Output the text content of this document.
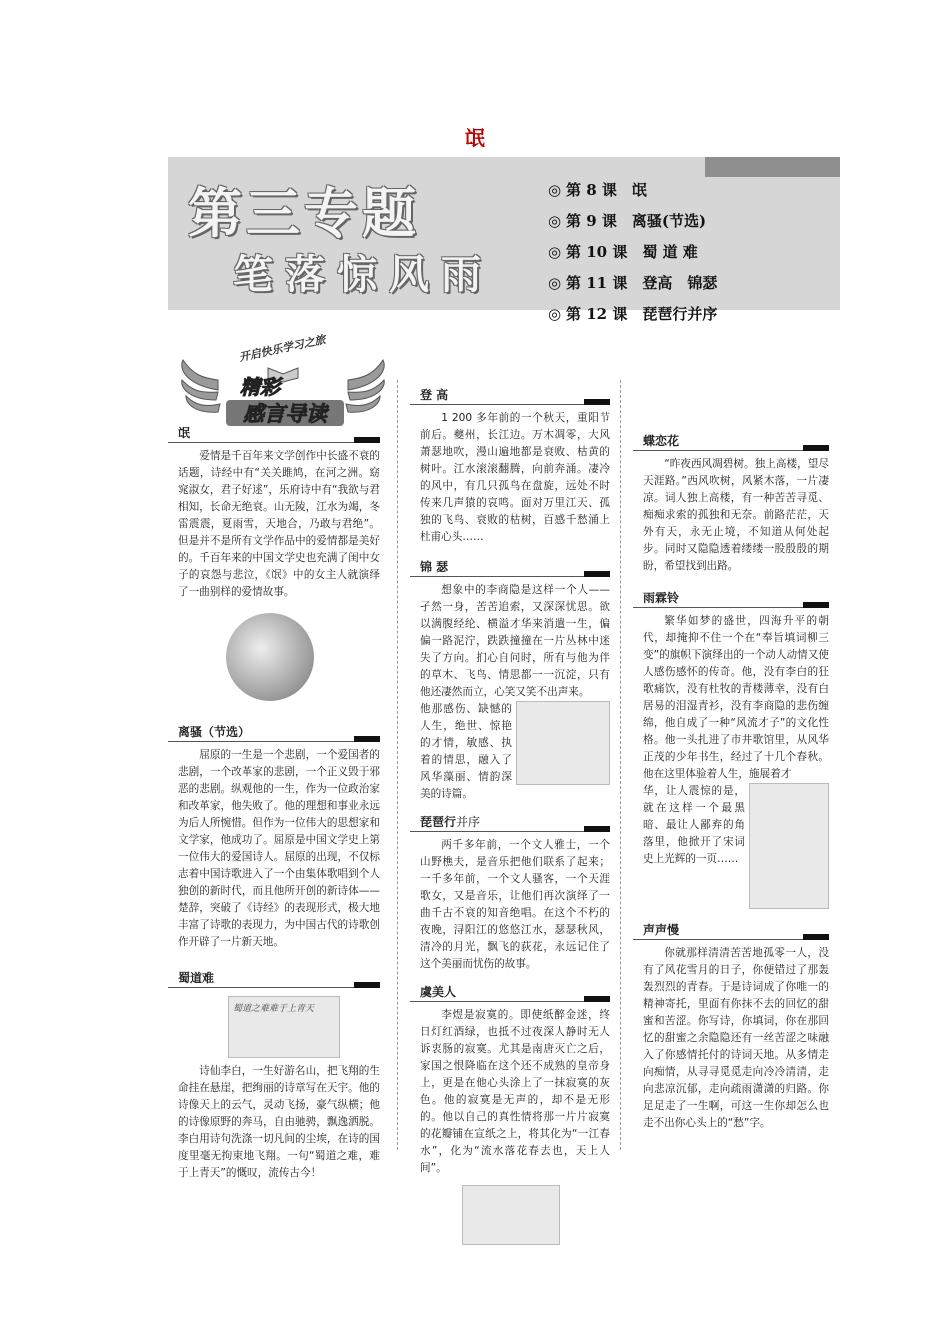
氓
第三专题
笔落惊风雨
◎ 第 8 课　 氓
◎ 第 9 课　 离骚(节选)
◎ 第 10 课　 蜀 道 难
◎ 第 11 课　 登高　锦瑟
◎ 第 12 课　 琵琶行并序
开启快乐学习之旅
精彩
感言导读
氓

爱情是千百年来文学创作中长盛不衰的话题，诗经中有“关关雎鸠，在河之洲。窈窕淑女，君子好逑”，乐府诗中有“我欲与君相知，长命无绝衰。山无陵，江水为竭，冬雷震震，夏雨雪，天地合，乃敢与君绝”。但是并不是所有文学作品中的爱情都是美好的。千百年来的中国文学史也充满了闺中女子的哀怨与悲泣，《氓》中的女主人就演绎了一曲别样的爱情故事。

离骚（节选）

屈原的一生是一个悲剧，一个爱国者的悲剧，一个改革家的悲剧，一个正义毁于邪恶的悲剧。纵观他的一生，作为一位政治家和改革家，他失败了。他的理想和事业永远为后人所惋惜。但作为一位伟大的思想家和文学家，他成功了。屈原是中国文学史上第一位伟大的爱国诗人。屈原的出现，不仅标志着中国诗歌进入了一个由集体歌唱到个人独创的新时代，而且他所开创的新诗体——楚辞，突破了《诗经》的表现形式，极大地丰富了诗歌的表现力，为中国古代的诗歌创作开辟了一片新天地。

蜀道难
蜀道之难难于上青天

诗仙李白，一生好游名山，把飞翔的生命挂在悬崖，把绚丽的诗章写在天宇。他的诗像天上的云气，灵动飞扬，豪气纵横；他的诗像原野的奔马，自由驰骋，飘逸洒脱。李白用诗句洗涤一切凡间的尘埃，在诗的国度里毫无拘束地飞翔。一句“蜀道之难，难于上青天”的慨叹，流传古今！

登 高

1 200 多年前的一个秋天，重阳节前后。夔州，长江边。万木凋零，大风萧瑟地吹，漫山遍地都是衰败、枯黄的树叶。江水滚滚翻腾，向前奔涌。凄冷的风中，有几只孤鸟在盘旋，远处不时传来几声猿的哀鸣。面对万里江天、孤独的飞鸟、衰败的枯树，百感千愁涌上杜甫心头……

锦 瑟

想象中的李商隐是这样一个人——孑然一身，苦苦追索，又深深忧思。欲以满腹经纶、横溢才华来消遣一生，偏偏一路泥泞，跌跌撞撞在一片丛林中迷失了方向。扪心自问时，所有与他为伴的草木、飞鸟、情思都一一沉淀，只有他还凄然而立，心笑又笑不出声来。

他那感伤、缺憾的人生，绝世、惊艳的才情，敏感、执着的情思，融入了风华藻丽、情韵深美的诗篇。

琵琶行并序

两千多年前，一个文人雅士，一个山野樵夫，是音乐把他们联系了起来；一千多年前，一个文人骚客，一个天涯歌女，又是音乐，让他们再次演绎了一曲千古不衰的知音绝唱。在这个不朽的夜晚，浔阳江的悠悠江水，瑟瑟秋风，清冷的月光，飘飞的荻花，永远记住了这个美丽而忧伤的故事。

虞美人

李煜是寂寞的。即使纸醉金迷，终日灯红酒绿，也抵不过夜深人静时无人诉衷肠的寂寞。尤其是南唐灭亡之后，家国之恨降临在这个还不成熟的皇帝身上，更是在他心头涂上了一抹寂寞的灰色。他的寂寞是无声的，却不是无形的。他以自己的真性情将那一片片寂寞的花瓣铺在宣纸之上，将其化为“一江春水”，化为“流水落花春去也，天上人间”。

蝶恋花

“昨夜西风凋碧树。独上高楼，望尽天涯路。”西风吹树，风紧木落，一片凄凉。词人独上高楼，有一种苦苦寻觅、痴痴求索的孤独和无奈。前路茫茫，天外有天，永无止境，不知道从何处起步。同时又隐隐透着缕缕一股殷殷的期盼，希望找到出路。

雨霖铃

繁华如梦的盛世，四海升平的朝代，却掩抑不住一个在“奉旨填词柳三变”的旗帜下演绎出的一个动人动情又使人感伤感怀的传奇。他，没有李白的狂歌痛饮，没有杜牧的青楼薄幸，没有白居易的泪湿青衫，没有李商隐的悲伤缠绵，他自成了一种“风流才子”的文化性格。他一头扎进了市井歌馆里，从风华正茂的少年书生，经过了十几个春秋。他在这里体验着人生，施展着才

华，让人震惊的是，就在这样一个最黑暗、最让人鄙弃的角落里，他掀开了宋词史上光辉的一页……

声声慢

你就那样清清苦苦地孤零一人，没有了风花雪月的日子，你便错过了那轰轰烈烈的青春。于是诗词成了你唯一的精神寄托，里面有你抹不去的回忆的甜蜜和苦涩。你写诗，你填词，你在那回忆的甜蜜之余隐隐还有一丝苦涩之味融入了你感情托付的诗词天地。从多情走向痴情，从寻寻觅觅走向冷冷清清，走向悲凉沉郁，走向疏雨潇潇的归路。你足足走了一生啊，可这一生你却怎么也走不出你心头上的“愁”字。
